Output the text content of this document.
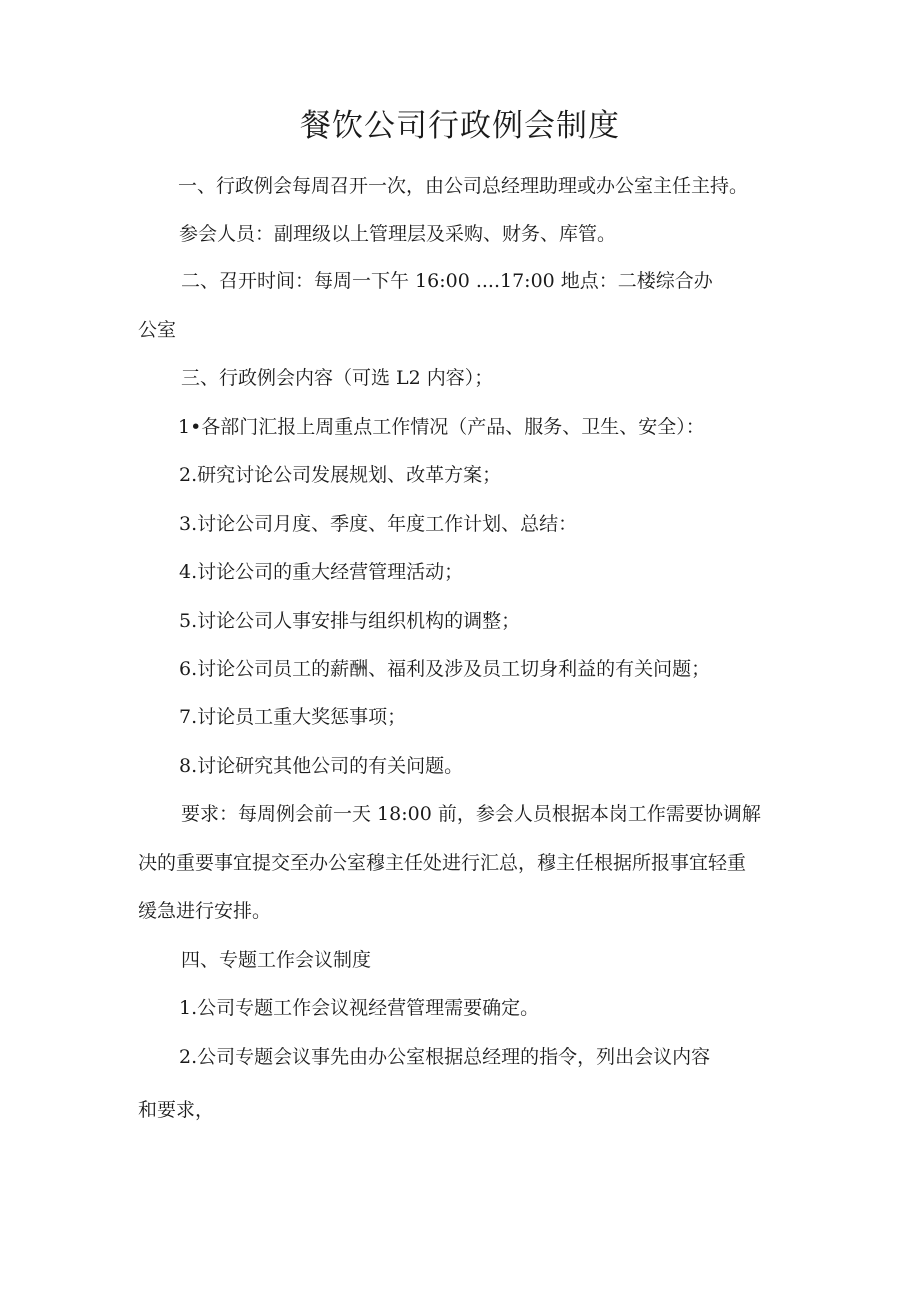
餐饮公司行政例会制度
一、行政例会每周召开一次，由公司总经理助理或办公室主任主持。
参会人员：副理级以上管理层及采购、财务、库管。
二、召开时间：每周一下午 16:00 ....17:00 地点：二楼综合办
公室
三、行政例会内容（可选 L2 内容）；
1•各部门汇报上周重点工作情况（产品、服务、卫生、安全）：
2.研究讨论公司发展规划、改革方案；
3.讨论公司月度、季度、年度工作计划、总结：
4.讨论公司的重大经营管理活动；
5.讨论公司人事安排与组织机构的调整；
6.讨论公司员工的薪酬、福利及涉及员工切身利益的有关问题；
7.讨论员工重大奖惩事项；
8.讨论研究其他公司的有关问题。
要求：每周例会前一天 18:00 前，参会人员根据本岗工作需要协调解
决的重要事宜提交至办公室穆主任处进行汇总，穆主任根据所报事宜轻重
缓急进行安排。
四、专题工作会议制度
1.公司专题工作会议视经营管理需要确定。
2.公司专题会议事先由办公室根据总经理的指令，列出会议内容
和要求，
